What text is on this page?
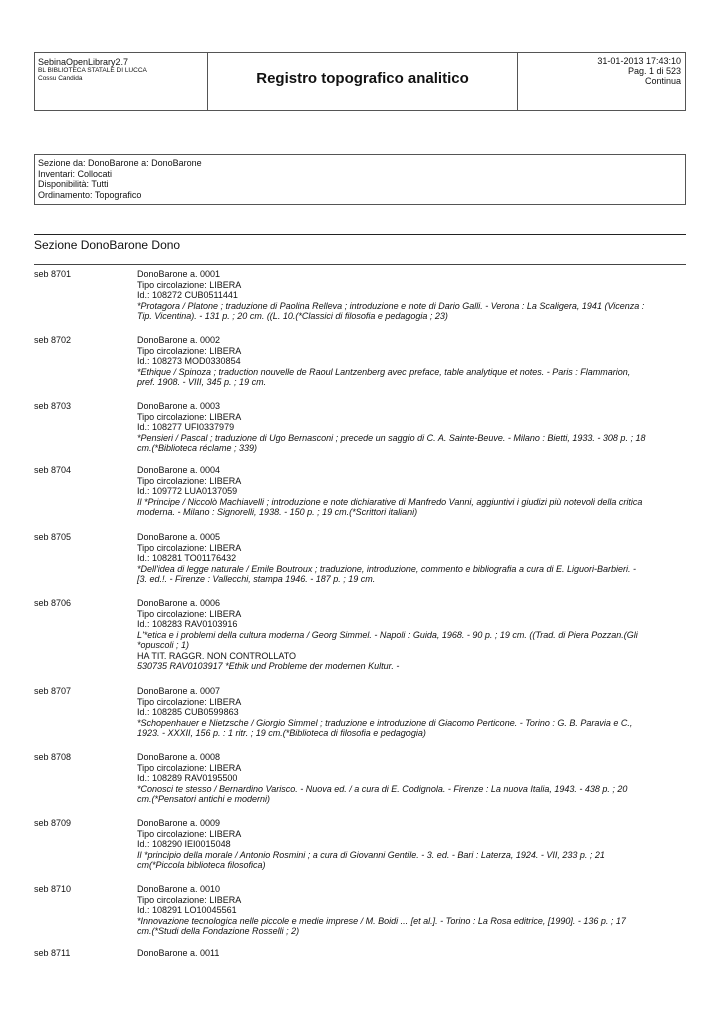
SebinaOpenLibrary2.7
BL BIBLIOTECA STATALE DI LUCCA
Cossu Candida	Registro topografico analitico
31-01-2013 17:43:10
Pag. 1 di 523
Continua
Sezione da: DonoBarone a: DonoBarone
Inventari: Collocati
Disponibilità: Tutti
Ordinamento: Topografico
Sezione DonoBarone Dono
seb 8701	DonoBarone a. 0001
Tipo circolazione: LIBERA
Id.: 108272 CUB0511441
*Protagora / Platone ; traduzione di Paolina Relleva ; introduzione e note di Dario Galli. - Verona : La Scaligera, 1941 (Vicenza :
Tip. Vicentina). - 131 p. ; 20 cm. ((L. 10.(*Classici di filosofia e pedagogia ; 23)
seb 8702	DonoBarone a. 0002
Tipo circolazione: LIBERA
Id.: 108273 MOD0330854
*Ethique / Spinoza ; traduction nouvelle de Raoul Lantzenberg avec preface, table analytique et notes. - Paris : Flammarion,
pref. 1908. - VIII, 345 p. ; 19 cm.
seb 8703	DonoBarone a. 0003
Tipo circolazione: LIBERA
Id.: 108277 UFI0337979
*Pensieri / Pascal ; traduzione di Ugo Bernasconi ; precede un saggio di C. A. Sainte-Beuve. - Milano : Bietti, 1933. - 308 p. ; 18
cm.(*Biblioteca réclame ; 339)
seb 8704	DonoBarone a. 0004
Tipo circolazione: LIBERA
Id.: 109772 LUA0137059
Il *Principe / Niccolò Machiavelli ; introduzione e note dichiarative di Manfredo Vanni, aggiuntivi i giudizi più notevoli della critica
moderna. - Milano : Signorelli, 1938. - 150 p. ; 19 cm.(*Scrittori italiani)
seb 8705	DonoBarone a. 0005
Tipo circolazione: LIBERA
Id.: 108281 TO01176432
*Dell'idea di legge naturale / Emile Boutroux ; traduzione, introduzione, commento e bibliografia a cura di E. Liguori-Barbieri. -
[3. ed.!. - Firenze : Vallecchi, stampa 1946. - 187 p. ; 19 cm.
seb 8706	DonoBarone a. 0006
Tipo circolazione: LIBERA
Id.: 108283 RAV0103916
L'*etica e i problemi della cultura moderna / Georg Simmel. - Napoli : Guida, 1968. - 90 p. ; 19 cm. ((Trad. di Piera Pozzan.(Gli
*opuscoli ; 1)
HA TIT. RAGGR. NON CONTROLLATO
530735 RAV0103917 *Ethik und Probleme der modernen Kultur. -
seb 8707	DonoBarone a. 0007
Tipo circolazione: LIBERA
Id.: 108285 CUB0599863
*Schopenhauer e Nietzsche / Giorgio Simmel ; traduzione e introduzione di Giacomo Perticone. - Torino : G. B. Paravia e C.,
1923. - XXXII, 156 p. : 1 ritr. ; 19 cm.(*Biblioteca di filosofia e pedagogia)
seb 8708	DonoBarone a. 0008
Tipo circolazione: LIBERA
Id.: 108289 RAV0195500
*Conosci te stesso / Bernardino Varisco. - Nuova ed. / a cura di E. Codignola. - Firenze : La nuova Italia, 1943. - 438 p. ; 20
cm.(*Pensatori antichi e moderni)
seb 8709	DonoBarone a. 0009
Tipo circolazione: LIBERA
Id.: 108290 IEI0015048
Il *principio della morale / Antonio Rosmini ; a cura di Giovanni Gentile. - 3. ed. - Bari : Laterza, 1924. - VII, 233 p. ; 21
cm(*Piccola biblioteca filosofica)
seb 8710	DonoBarone a. 0010
Tipo circolazione: LIBERA
Id.: 108291 LO10045561
*Innovazione tecnologica nelle piccole e medie imprese / M. Boidi ... [et al.]. - Torino : La Rosa editrice, [1990]. - 136 p. ; 17
cm.(*Studi della Fondazione Rosselli ; 2)
seb 8711	DonoBarone a. 0011
